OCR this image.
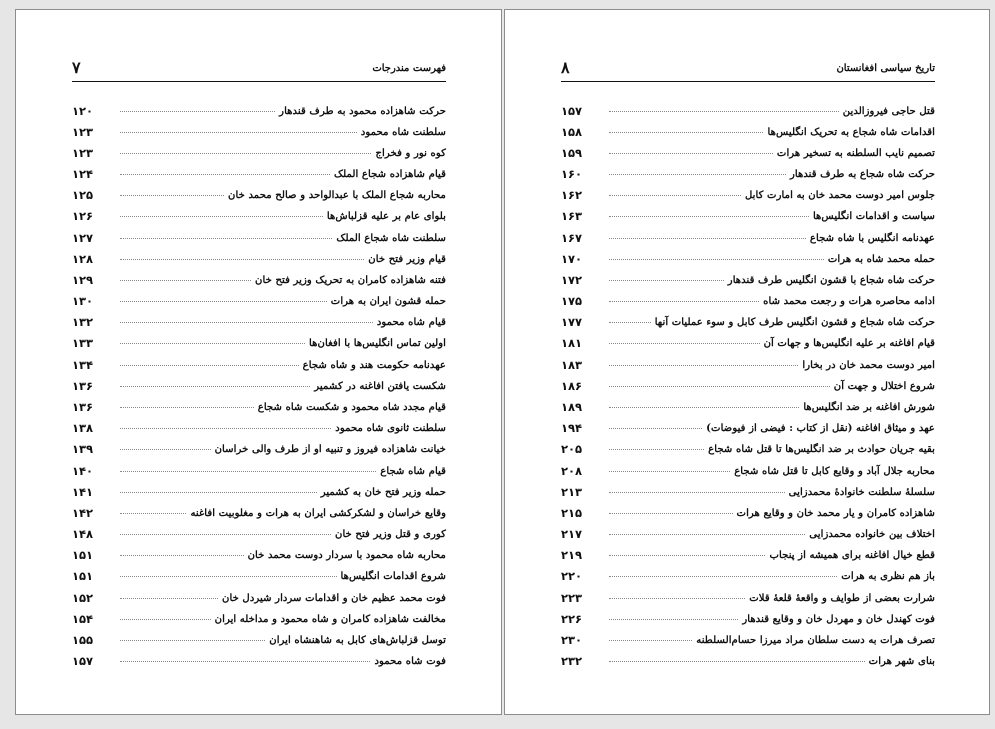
فهرست مندرجات
۷
حرکت شاهزاده محمود به طرف قندهار
۱۲۰
سلطنت شاه محمود
۱۲۳
کوه نور و فخراج
۱۲۳
قیام شاهزاده شجاع الملک
۱۲۴
محاربه شجاع الملک با عبدالواحد و صالح محمد خان
۱۲۵
بلوای عام بر علیه قزلباش‌ها
۱۲۶
سلطنت شاه شجاع الملک
۱۲۷
قیام وزیر فتح خان
۱۲۸
فتنه شاهزاده کامران به تحریک وزیر فتح خان
۱۲۹
حمله قشون ایران به هرات
۱۳۰
قیام شاه محمود
۱۳۲
اولین تماس انگلیس‌ها با افغان‌ها
۱۳۳
عهدنامه حکومت هند و شاه شجاع
۱۳۴
شکست یافتن افاغنه در کشمیر
۱۳۶
قیام مجدد شاه محمود و شکست شاه شجاع
۱۳۶
سلطنت ثانوی شاه محمود
۱۳۸
خیانت شاهزاده فیروز و تنبیه او از طرف والی خراسان
۱۳۹
قیام شاه شجاع
۱۴۰
حمله وزیر فتح خان به کشمیر
۱۴۱
وقایع خراسان و لشکرکشی ایران به هرات و مغلوبیت افاغنه
۱۴۲
کوری و قتل وزیر فتح خان
۱۴۸
محاربه شاه محمود با سردار دوست محمد خان
۱۵۱
شروع اقدامات انگلیس‌ها
۱۵۱
فوت محمد عظیم خان و اقدامات سردار شیردل خان
۱۵۲
مخالفت شاهزاده کامران و شاه محمود و مداخله ایران
۱۵۴
توسل قزلباش‌های کابل به شاهنشاه ایران
۱۵۵
فوت شاه محمود
۱۵۷
تاریخ سیاسی افغانستان
۸
قتل حاجی فیروزالدین
۱۵۷
اقدامات شاه شجاع به تحریک انگلیس‌ها
۱۵۸
تصمیم نایب السلطنه به تسخیر هرات
۱۵۹
حرکت شاه شجاع به طرف قندهار
۱۶۰
جلوس امیر دوست محمد خان به امارت کابل
۱۶۲
سیاست و اقدامات انگلیس‌ها
۱۶۳
عهدنامه انگلیس با شاه شجاع
۱۶۷
حمله محمد شاه به هرات
۱۷۰
حرکت شاه شجاع با قشون انگلیس طرف قندهار
۱۷۲
ادامه محاصره هرات و رجعت محمد شاه
۱۷۵
حرکت شاه شجاع و قشون انگلیس طرف کابل و سوء عملیات آنها
۱۷۷
قیام افاغنه بر علیه انگلیس‌ها و جهات آن
۱۸۱
امیر دوست محمد خان در بخارا
۱۸۳
شروع اختلال و جهت آن
۱۸۶
شورش افاغنه بر ضد انگلیس‌ها
۱۸۹
عهد و میثاق افاغنه (نقل از کتاب : فیضی از فیوضات)
۱۹۴
بقیه جریان حوادث بر ضد انگلیس‌ها تا قتل شاه شجاع
۲۰۵
محاربه جلال آباد و وقایع کابل تا قتل شاه شجاع
۲۰۸
سلسلهٔ سلطنت خانوادهٔ محمدزایی
۲۱۳
شاهزاده کامران و یار محمد خان و وقایع هرات
۲۱۵
اختلاف بین خانواده محمدزایی
۲۱۷
قطع خیال افاغنه برای همیشه از پنجاب
۲۱۹
باز هم نظری به هرات
۲۲۰
شرارت بعضی از طوایف و واقعهٔ قلعهٔ قلات
۲۲۳
فوت کهندل خان و مهردل خان و وقایع قندهار
۲۲۶
تصرف هرات به دست سلطان مراد میرزا حسام‌السلطنه
۲۳۰
بنای شهر هرات
۲۳۲
